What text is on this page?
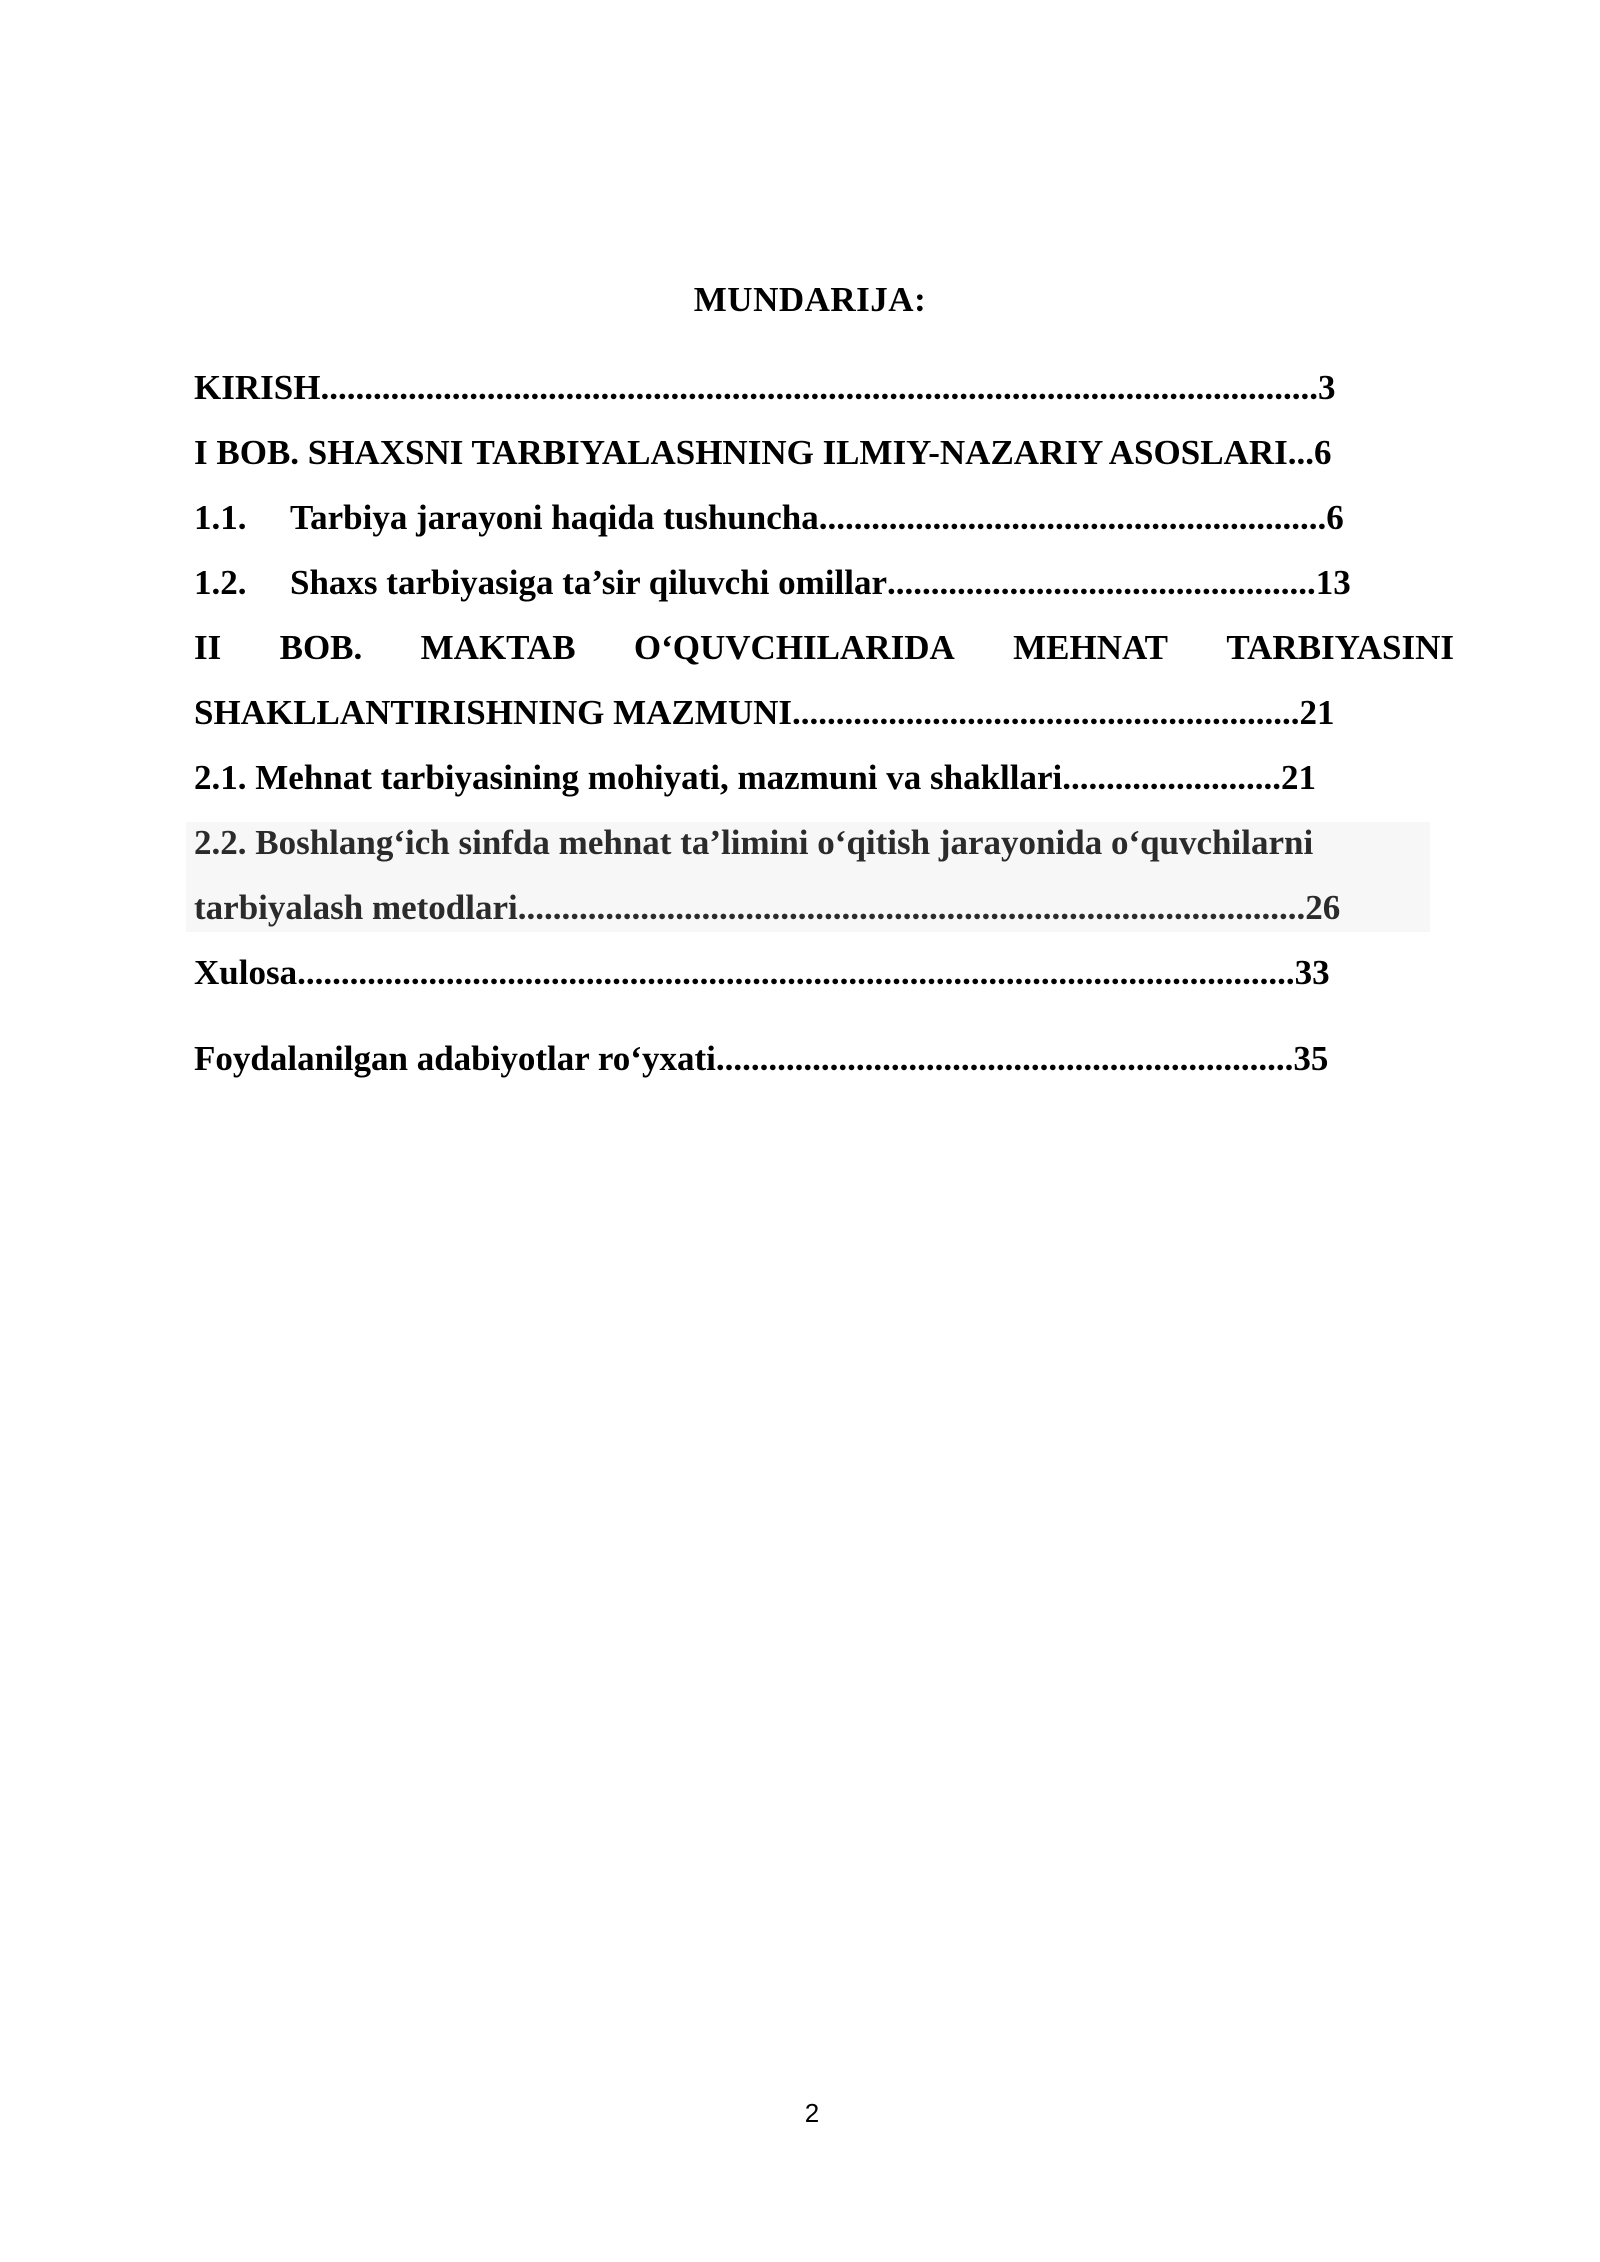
MUNDARIJA:
KIRISH..................................................................................................................3
I BOB. SHAXSNI TARBIYALASHNING ILMIY-NAZARIY ASOSLARI...6
1.1. Tarbiya jarayoni haqida tushuncha..........................................................6
1.2. Shaxs tarbiyasiga ta’sir qiluvchi omillar.................................................13
II BOB. MAKTAB O‘QUVCHILARIDA MEHNAT TARBIYASINI
SHAKLLANTIRISHNING MAZMUNI..........................................................21
2.1. Mehnat tarbiyasining mohiyati, mazmuni va shakllari.........................21
2.2. Boshlang‘ich sinfda mehnat ta’limini o‘qitish jarayonida o‘quvchilarni
tarbiyalash metodlari..........................................................................................26
Xulosa..................................................................................................................33
Foydalanilgan adabiyotlar ro‘yxati..................................................................35
2
